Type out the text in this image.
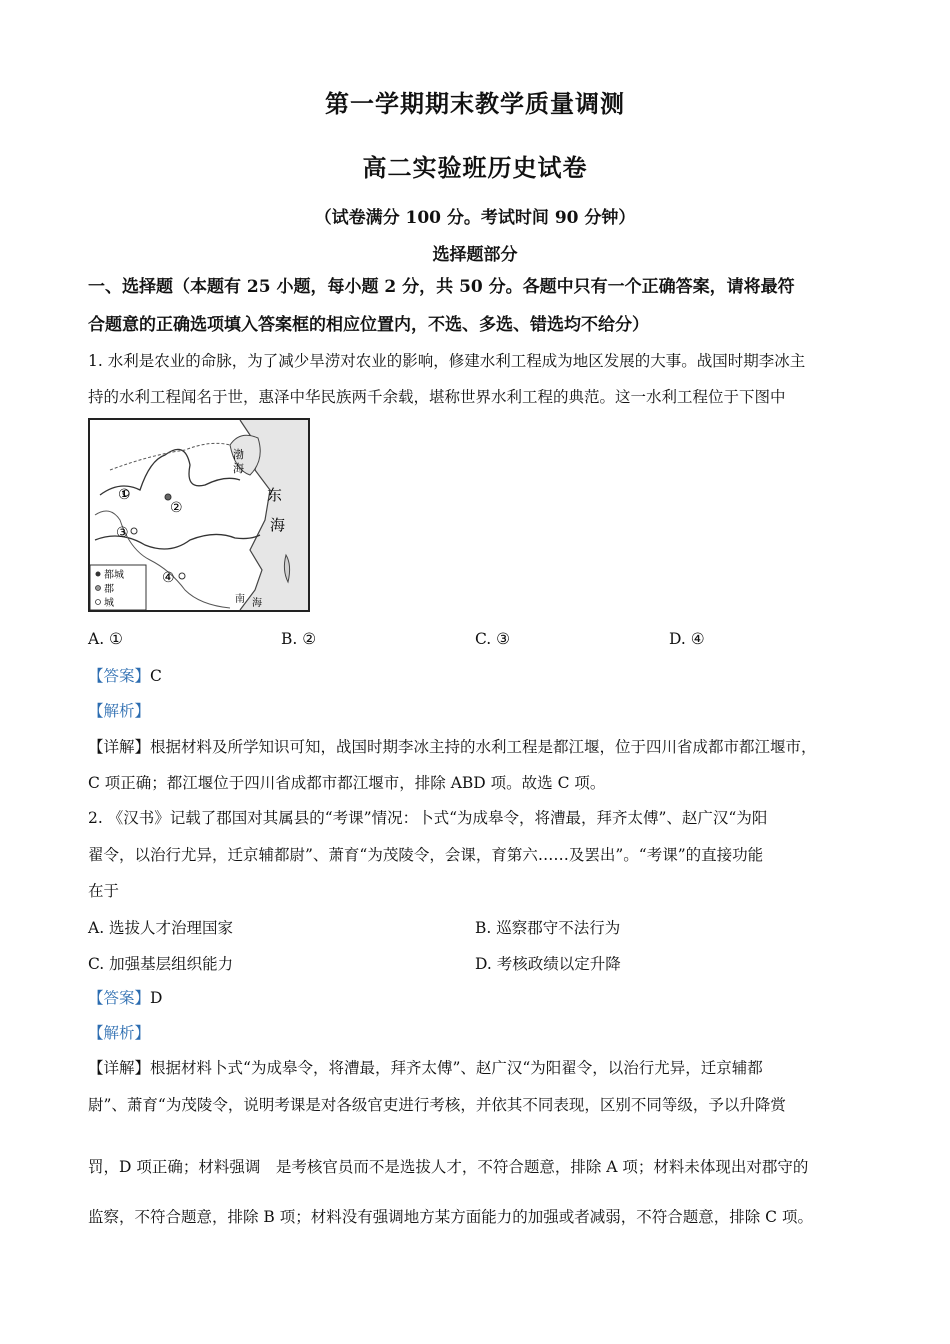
第一学期期末教学质量调测
高二实验班历史试卷
（试卷满分 100 分。考试时间 90 分钟）
选择题部分
一、选择题（本题有 25 小题，每小题 2 分，共 50 分。各题中只有一个正确答案，请将最符
合题意的正确选项填入答案框的相应位置内，不选、多选、错选均不给分）
1. 水利是农业的命脉，为了减少旱涝对农业的影响，修建水利工程成为地区发展的大事。战国时期李冰主
持的水利工程闻名于世，惠泽中华民族两千余载，堪称世界水利工程的典范。这一水利工程位于下图中
渤
海
东
海
南 海
①
②
③
④
都城
郡
城
A. ①	B. ②	C. ③	D. ④
【答案】C
【解析】
【详解】根据材料及所学知识可知，战国时期李冰主持的水利工程是都江堰，位于四川省成都市都江堰市，
C 项正确；都江堰位于四川省成都市都江堰市，排除 ABD 项。故选 C 项。
2. 《汉书》记载了郡国对其属县的“考课”情况：卜式“为成皋令，将漕最，拜齐太傅”、赵广汉“为阳
翟令，以治行尤异，迁京辅都尉”、萧育“为茂陵令，会课，育第六……及罢出”。“考课”的直接功能
在于
A. 选拔人才治理国家	B. 巡察郡守不法行为
C. 加强基层组织能力	D. 考核政绩以定升降
【答案】D
【解析】
【详解】根据材料卜式“为成皋令，将漕最，拜齐太傅”、赵广汉“为阳翟令，以治行尤异，迁京辅都
尉”、萧育“为茂陵令，说明考课是对各级官吏进行考核，并依其不同表现，区别不同等级，予以升降赏
罚，D 项正确；材料强调　是考核官员而不是选拔人才，不符合题意，排除 A 项；材料未体现出对郡守的
监察，不符合题意，排除 B 项；材料没有强调地方某方面能力的加强或者减弱，不符合题意，排除 C 项。
